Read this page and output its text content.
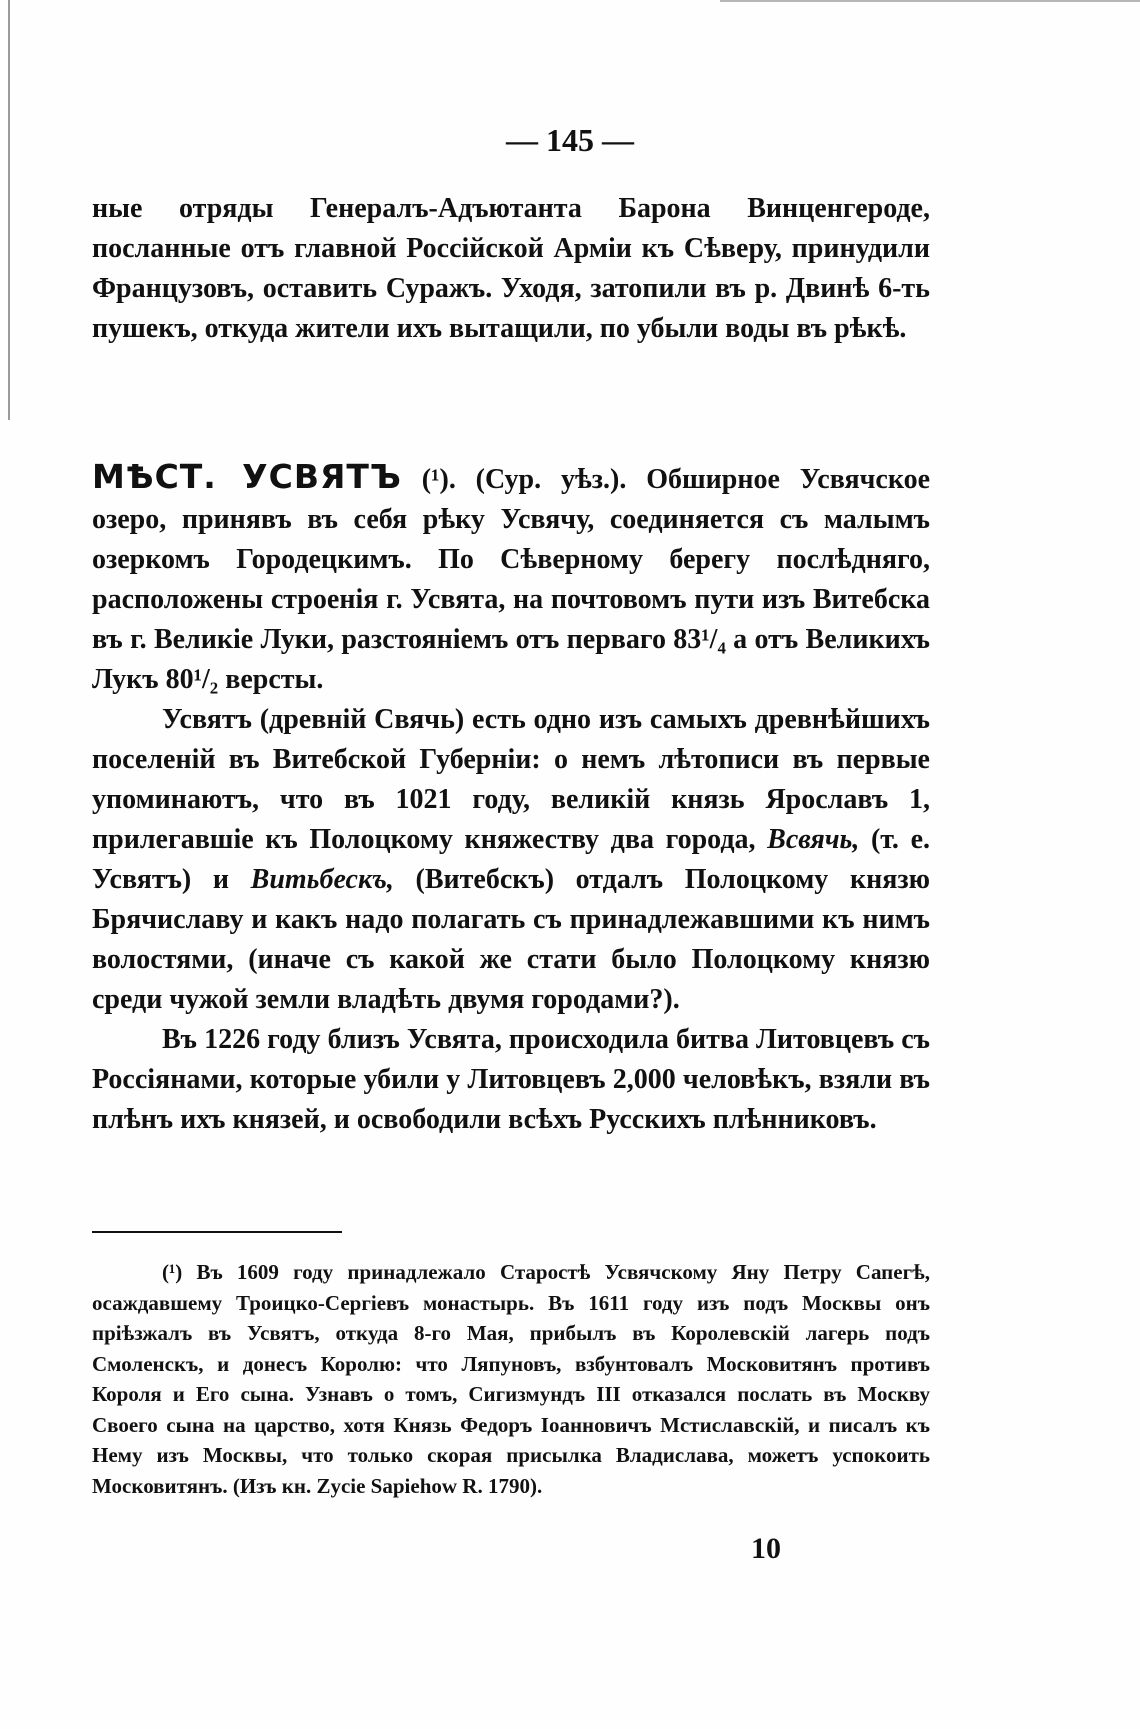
— 145 —

ные отряды Генералъ-Адъютанта Барона Винценгероде, посланные отъ главной Россійской Арміи къ Сѣверу, принудили Французовъ, оставить Суражъ. Уходя, затопили въ р. Двинѣ 6-ть пушекъ, откуда жители ихъ вытащили, по убыли воды въ рѣкѣ.

МѢСТ. УСВЯТЪ (¹). (Сур. уѣз.). Обширное Усвячское озеро, принявъ въ себя рѣку Усвячу, соединяется съ малымъ озеркомъ Городецкимъ. По Сѣверному берегу послѣдняго, расположены строенія г. Усвята, на почтовомъ пути изъ Витебска въ г. Великіе Луки, разстояніемъ отъ перваго 83¹/₄ а отъ Великихъ Лукъ 80¹/₂ версты.

Усвятъ (древній Свячь) есть одно изъ самыхъ древнѣйшихъ поселеній въ Витебской Губерніи: о немъ лѣтописи въ первые упоминаютъ, что въ 1021 году, великій князь Ярославъ 1, прилегавшіе къ Полоцкому княжеству два города, Всвячь, (т. е. Усвятъ) и Витьбескъ, (Витебскъ) отдалъ Полоцкому князю Брячиславу и какъ надо полагать съ принадлежавшими къ нимъ волостями, (иначе съ какой же стати было Полоцкому князю среди чужой земли владѣть двумя городами?).

Въ 1226 году близъ Усвята, происходила битва Литовцевъ съ Россіянами, которые убили у Литовцевъ 2,000 человѣкъ, взяли въ плѣнъ ихъ князей, и освободили всѣхъ Русскихъ плѣнниковъ.

(¹) Въ 1609 году принадлежало Старостѣ Усвячскому Яну Петру Сапегѣ, осаждавшему Троицко-Сергіевъ монастырь. Въ 1611 году изъ подъ Москвы онъ пріѣзжалъ въ Усвятъ, откуда 8-го Мая, прибылъ въ Королевскій лагерь подъ Смоленскъ, и донесъ Королю: что Ляпуновъ, взбунтовалъ Московитянъ противъ Короля и Его сына. Узнавъ о томъ, Сигизмундъ III отказался послать въ Москву Своего сына на царство, хотя Князь Федоръ Іоанновичъ Мстиславскій, и писалъ къ Нему изъ Москвы, что только скорая присылка Владислава, можетъ успокоить Московитянъ. (Изъ кн. Zycie Sapiehow R. 1790).

10
